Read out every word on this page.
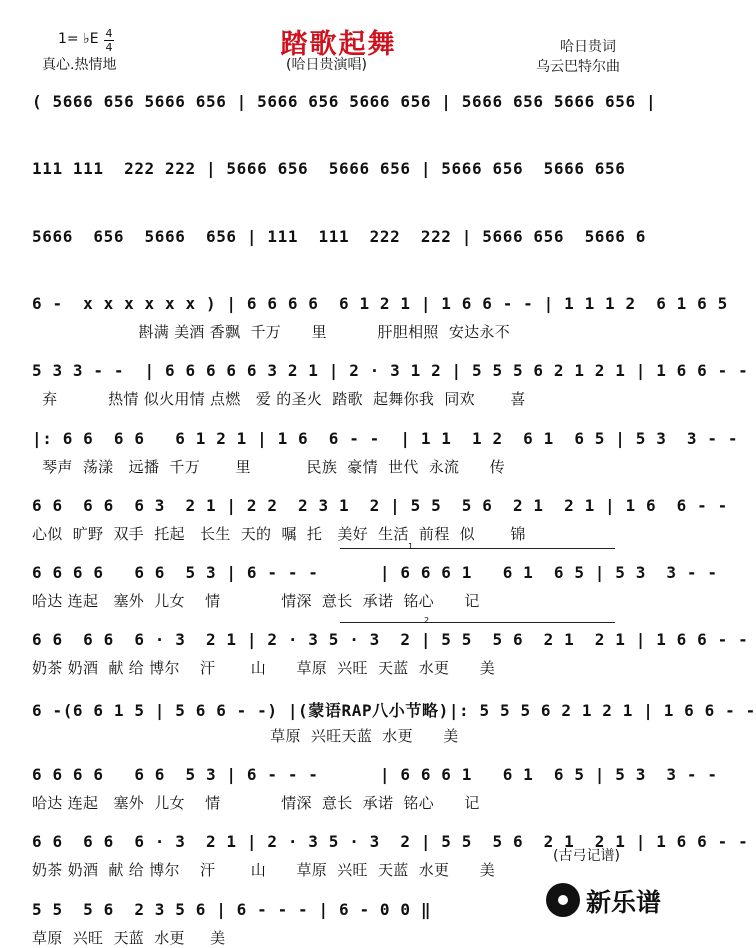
踏歌起舞
1= ♭E 4
4
真心.热情地	(哈日贵演唱)
哈日贵词
乌云巴特尔曲
( 5666 656 5666 656 | 5666 656 5666 656 | 5666 656 5666 656 |
111 111  222 222 | 5666 656  5666 656 | 5666 656  5666 656
5666  656  5666  656 | 111  111  222  222 | 5666 656  5666 6
6 -  x x x x x x ) | 6 6 6 6  6 1 2 1 | 1 6 6 - - | 1 1 1 2  6 1 6 5
斟满 美酒 香飘  千万      里          肝胆相照  安达永不
5 3 3 - -  | 6 6 6 6 6 3 2 1 | 2 · 3 1 2 | 5 5 5 6 2 1 2 1 | 1 6 6 - -
弃          热情 似火用情 点燃   爱 的圣火  踏歌  起舞你我  同欢       喜
|: 6 6  6 6   6 1 2 1 | 1 6  6 - -  | 1 1  1 2  6 1  6 5 | 5 3  3 - -
琴声  荡漾   远播  千万       里           民族  豪情  世代  永流      传
6 6  6 6  6 3  2 1 | 2 2  2 3 1  2 | 5 5  5 6  2 1  2 1 | 1 6  6 - -
心似  旷野  双手  托起   长生  天的  嘱  托   美好  生活  前程  似       锦
6 6 6 6   6 6  5 3 | 6 - - -      | 6 6 6 1   6 1  6 5 | 5 3  3 - -
哈达 连起   塞外  儿女    情            情深  意长  承诺  铭心      记
6 6  6 6  6 · 3  2 1 | 2 · 3 5 · 3  2 | 5 5  5 6  2 1  2 1 | 1 6 6 - -
奶茶 奶酒  献 给 博尔    汗       山      草原  兴旺  天蓝  水更      美
6 -(6 6 1 5 | 5 6 6 - -) |(蒙语RAP八小节略)|: 5 5 5 6 2 1 2 1 | 1 6 6 - -
草原  兴旺天蓝  水更      美
6 6 6 6   6 6  5 3 | 6 - - -      | 6 6 6 1   6 1  6 5 | 5 3  3 - -
哈达 连起   塞外  儿女    情            情深  意长  承诺  铭心      记
6 6  6 6  6 · 3  2 1 | 2 · 3 5 · 3  2 | 5 5  5 6  2 1  2 1 | 1 6 6 - -
奶茶 奶酒  献 给 博尔    汗       山      草原  兴旺  天蓝  水更      美
5 5  5 6  2 3 5 6 | 6 - - - | 6 - 0 0 ‖
草原  兴旺  天蓝  水更     美
1
2
(古弓记谱)
新乐谱
